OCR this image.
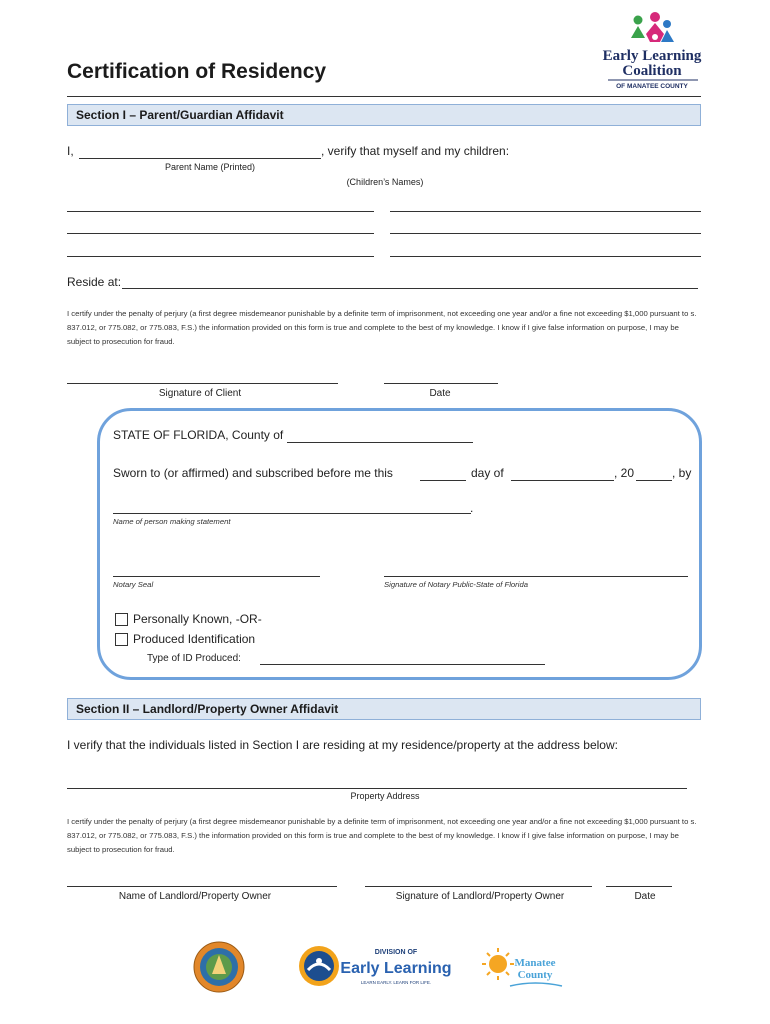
Certification of Residency
Early Learning
Coalition
OF MANATEE COUNTY
Section I – Parent/Guardian Affidavit
I,	, verify that myself and my children:
Parent Name (Printed)
(Children’s Names)
Reside at:
I certify under the penalty of perjury (a first degree misdemeanor punishable by a definite term of imprisonment, not exceeding one year and/or a fine not exceeding $1,000 pursuant to s. 837.012, or 775.082, or 775.083, F.S.) the information provided on this form is true and complete to the best of my knowledge. I know if I give false information on purpose, I may be subject to prosecution for fraud.
Signature of Client	Date
STATE OF FLORIDA, County of
Sworn to (or affirmed) and subscribed before me this	day of	, 20	, by
.
Name of person making statement
Notary Seal	Signature of Notary Public-State of Florida
Personally Known, -OR-
Produced Identification
Type of ID Produced:
Section II – Landlord/Property Owner Affidavit
I verify that the individuals listed in Section I are residing at my residence/property at the address below:
Property Address
I certify under the penalty of perjury (a first degree misdemeanor punishable by a definite term of imprisonment, not exceeding one year and/or a fine not exceeding $1,000 pursuant to s. 837.012, or 775.082, or 775.083, F.S.) the information provided on this form is true and complete to the best of my knowledge. I know if I give false information on purpose, I may be subject to prosecution for fraud.
Name of Landlord/Property Owner	Signature of Landlord/Property Owner	Date
DIVISION OF
Early Learning
LEARN EARLY. LEARN FOR LIFE.
Manatee
County
